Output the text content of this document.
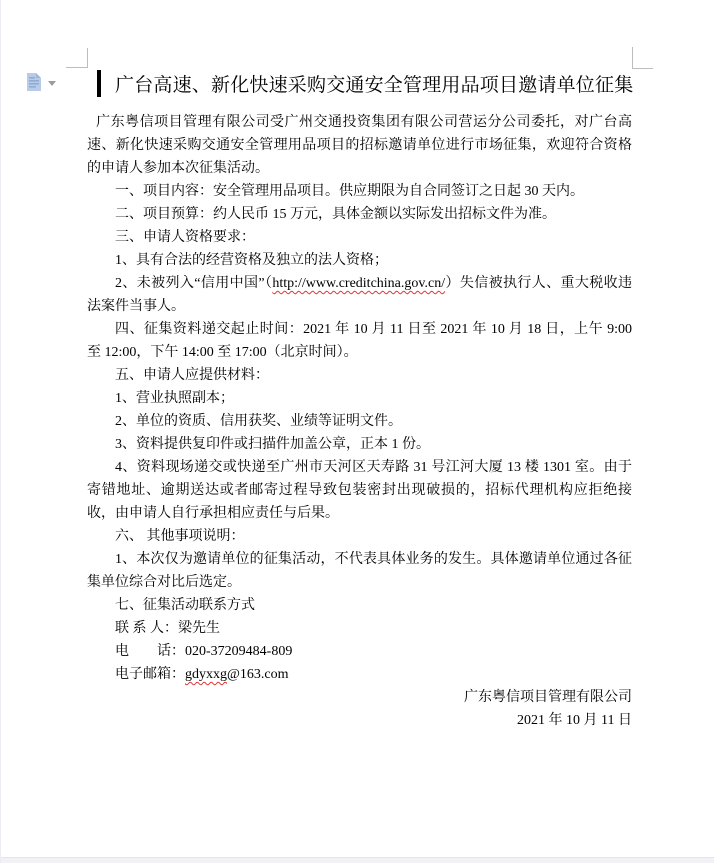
广台高速、新化快速采购交通安全管理用品项目邀请单位征集

广东粤信项目管理有限公司受广州交通投资集团有限公司营运分公司委托，对广台高速、新化快速采购交通安全管理用品项目的招标邀请单位进行市场征集，欢迎符合资格的申请人参加本次征集活动。

一、项目内容：安全管理用品项目。供应期限为自合同签订之日起 30 天内。

二、项目预算：约人民币 15 万元，具体金额以实际发出招标文件为准。

三、申请人资格要求：

1、具有合法的经营资格及独立的法人资格；

2、未被列入“信用中国”（http://www.creditchina.gov.cn/）失信被执行人、重大税收违法案件当事人。

四、征集资料递交起止时间：2021 年 10 月 11 日至 2021 年 10 月 18 日，上午 9:00 至 12:00，下午 14:00 至 17:00（北京时间）。

五、申请人应提供材料：

1、营业执照副本；

2、单位的资质、信用获奖、业绩等证明文件。

3、资料提供复印件或扫描件加盖公章，正本 1 份。

4、资料现场递交或快递至广州市天河区天寿路 31 号江河大厦 13 楼 1301 室。由于寄错地址、逾期送达或者邮寄过程导致包装密封出现破损的，招标代理机构应拒绝接收，由申请人自行承担相应责任与后果。

六、 其他事项说明：

1、本次仅为邀请单位的征集活动，不代表具体业务的发生。具体邀请单位通过各征集单位综合对比后选定。

七、征集活动联系方式

联 系 人：梁先生

电　　话：020-37209484-809

电子邮箱：gdyxxg@163.com

广东粤信项目管理有限公司

2021 年 10 月 11 日
